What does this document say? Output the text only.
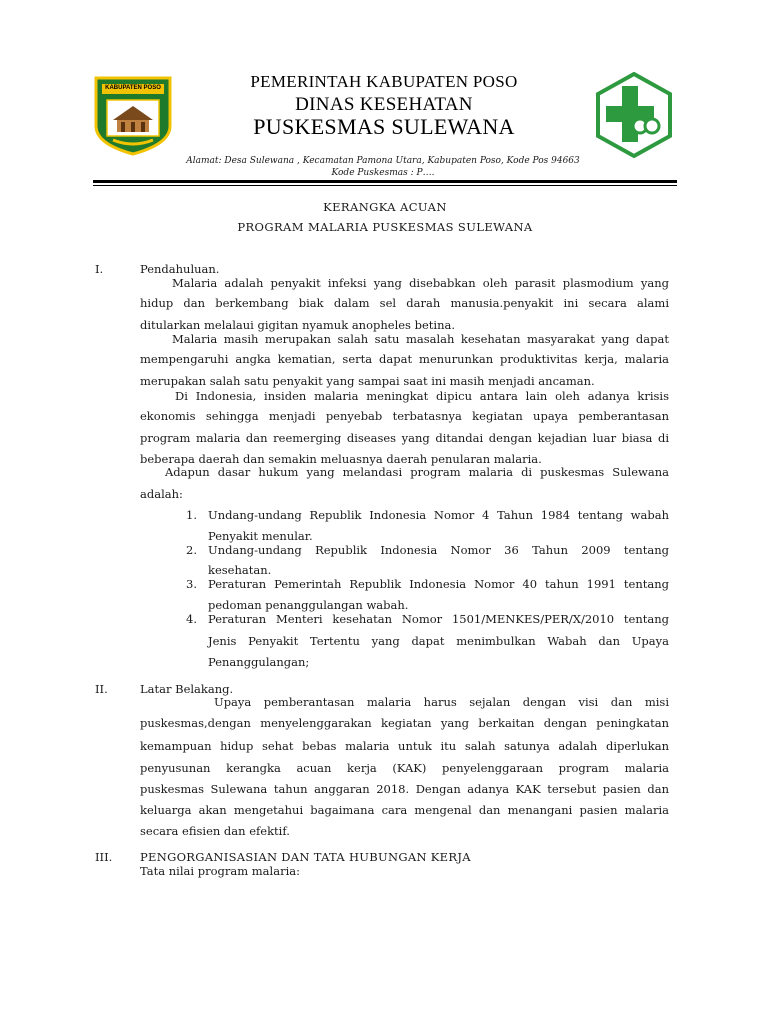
KABUPATEN POSO	PEMERINTAH KABUPATEN POSO
DINAS KESEHATAN
PUSKESMAS SULEWANA
Alamat: Desa Sulewana , Kecamatan Pamona Utara, Kabupaten Poso, Kode Pos 94663
Kode Puskesmas : P….
KERANGKA ACUAN
PROGRAM MALARIA PUSKESMAS SULEWANA
I.	Pendahuluan.
Malaria adalah penyakit infeksi yang disebabkan oleh parasit plasmodium yang
hidup dan berkembang biak dalam sel darah manusia.penyakit ini secara alami
ditularkan melalaui gigitan nyamuk anopheles betina.
Malaria masih merupakan salah satu masalah kesehatan masyarakat yang dapat
mempengaruhi angka kematian, serta dapat menurunkan produktivitas kerja, malaria
merupakan salah satu penyakit yang sampai saat ini masih menjadi ancaman.
Di Indonesia, insiden malaria meningkat dipicu antara lain oleh adanya krisis
ekonomis sehingga menjadi penyebab terbatasnya kegiatan upaya pemberantasan
program malaria dan reemerging diseases yang ditandai dengan kejadian luar biasa di
beberapa daerah dan semakin meluasnya daerah penularan malaria.
Adapun dasar hukum yang melandasi program malaria di puskesmas Sulewana
adalah:
1. Undang-undang Republik Indonesia Nomor 4 Tahun 1984 tentang wabah
Penyakit menular.
2. Undang-undang Republik Indonesia Nomor 36 Tahun 2009 tentang
kesehatan.
3. Peraturan Pemerintah Republik Indonesia Nomor 40 tahun 1991 tentang
pedoman penanggulangan wabah.
4. Peraturan Menteri kesehatan Nomor 1501/MENKES/PER/X/2010 tentang
Jenis Penyakit Tertentu yang dapat menimbulkan Wabah dan Upaya
Penanggulangan;
II.	Latar Belakang.
Upaya pemberantasan malaria harus sejalan dengan visi dan misi
puskesmas,dengan menyelenggarakan kegiatan yang berkaitan dengan peningkatan
kemampuan hidup sehat bebas malaria untuk itu salah satunya adalah diperlukan
penyusunan kerangka acuan kerja (KAK) penyelenggaraan program malaria
puskesmas Sulewana tahun anggaran 2018. Dengan adanya KAK tersebut pasien dan
keluarga akan mengetahui bagaimana cara mengenal dan menangani pasien malaria
secara efisien dan efektif.
III. PENGORGANISASIAN DAN TATA HUBUNGAN KERJA
Tata nilai program malaria:
